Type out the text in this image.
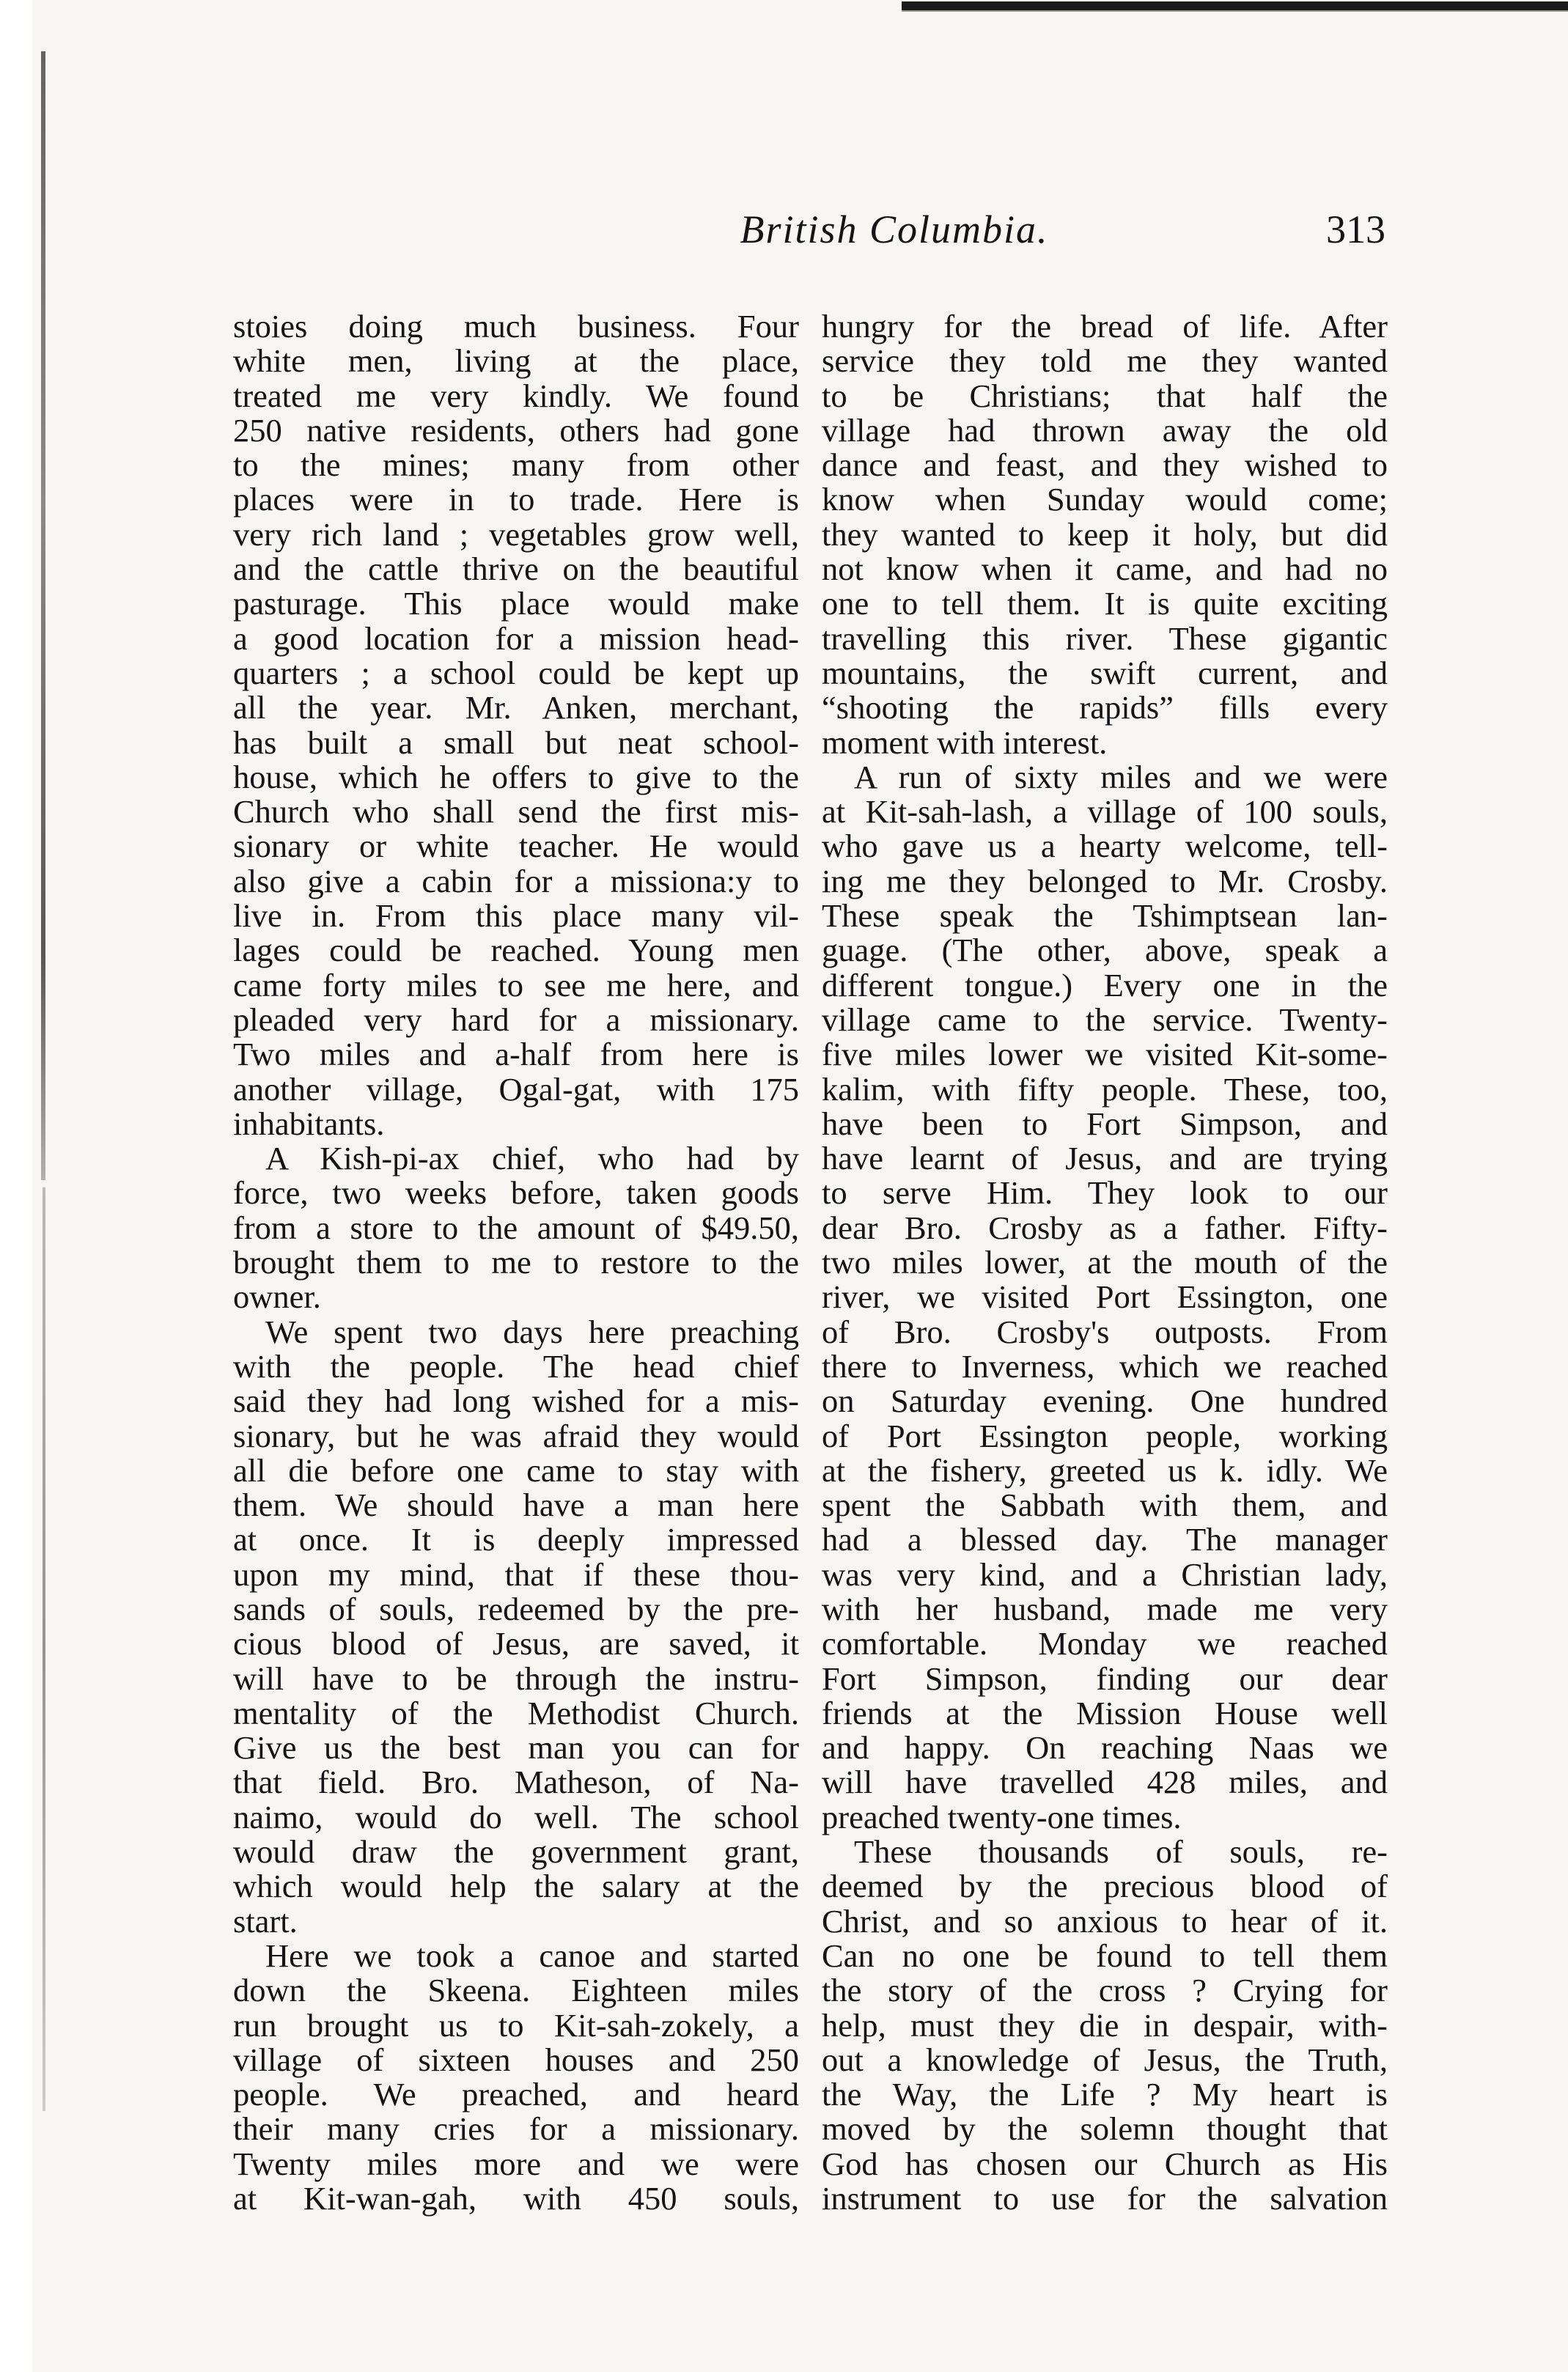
British Columbia.	313
stoies doing much business. Four
white men, living at the place,
treated me very kindly. We found
250 native residents, others had gone
to the mines; many from other
places were in to trade. Here is
very rich land ; vegetables grow well,
and the cattle thrive on the beautiful
pasturage. This place would make
a good location for a mission head-
quarters ; a school could be kept up
all the year. Mr. Anken, merchant,
has built a small but neat school-
house, which he offers to give to the
Church who shall send the first mis-
sionary or white teacher. He would
also give a cabin for a missiona:y to
live in. From this place many vil-
lages could be reached. Young men
came forty miles to see me here, and
pleaded very hard for a missionary.
Two miles and a-half from here is
another village, Ogal-gat, with 175
inhabitants.
A Kish-pi-ax chief, who had by
force, two weeks before, taken goods
from a store to the amount of $49.50,
brought them to me to restore to the
owner.
We spent two days here preaching
with the people. The head chief
said they had long wished for a mis-
sionary, but he was afraid they would
all die before one came to stay with
them. We should have a man here
at once. It is deeply impressed
upon my mind, that if these thou-
sands of souls, redeemed by the pre-
cious blood of Jesus, are saved, it
will have to be through the instru-
mentality of the Methodist Church.
Give us the best man you can for
that field. Bro. Matheson, of Na-
naimo, would do well. The school
would draw the government grant,
which would help the salary at the
start.
Here we took a canoe and started
down the Skeena. Eighteen miles
run brought us to Kit-sah-zokely, a
village of sixteen houses and 250
people. We preached, and heard
their many cries for a missionary.
Twenty miles more and we were
at Kit-wan-gah, with 450 souls,
hungry for the bread of life. After
service they told me they wanted
to be Christians; that half the
village had thrown away the old
dance and feast, and they wished to
know when Sunday would come;
they wanted to keep it holy, but did
not know when it came, and had no
one to tell them. It is quite exciting
travelling this river. These gigantic
mountains, the swift current, and
“shooting the rapids” fills every
moment with interest.
A run of sixty miles and we were
at Kit-sah-lash, a village of 100 souls,
who gave us a hearty welcome, tell-
ing me they belonged to Mr. Crosby.
These speak the Tshimptsean lan-
guage. (The other, above, speak a
different tongue.) Every one in the
village came to the service. Twenty-
five miles lower we visited Kit-some-
kalim, with fifty people. These, too,
have been to Fort Simpson, and
have learnt of Jesus, and are trying
to serve Him. They look to our
dear Bro. Crosby as a father. Fifty-
two miles lower, at the mouth of the
river, we visited Port Essington, one
of Bro. Crosby's outposts. From
there to Inverness, which we reached
on Saturday evening. One hundred
of Port Essington people, working
at the fishery, greeted us k. idly. We
spent the Sabbath with them, and
had a blessed day. The manager
was very kind, and a Christian lady,
with her husband, made me very
comfortable. Monday we reached
Fort Simpson, finding our dear
friends at the Mission House well
and happy. On reaching Naas we
will have travelled 428 miles, and
preached twenty-one times.
These thousands of souls, re-
deemed by the precious blood of
Christ, and so anxious to hear of it.
Can no one be found to tell them
the story of the cross ? Crying for
help, must they die in despair, with-
out a knowledge of Jesus, the Truth,
the Way, the Life ? My heart is
moved by the solemn thought that
God has chosen our Church as His
instrument to use for the salvation
